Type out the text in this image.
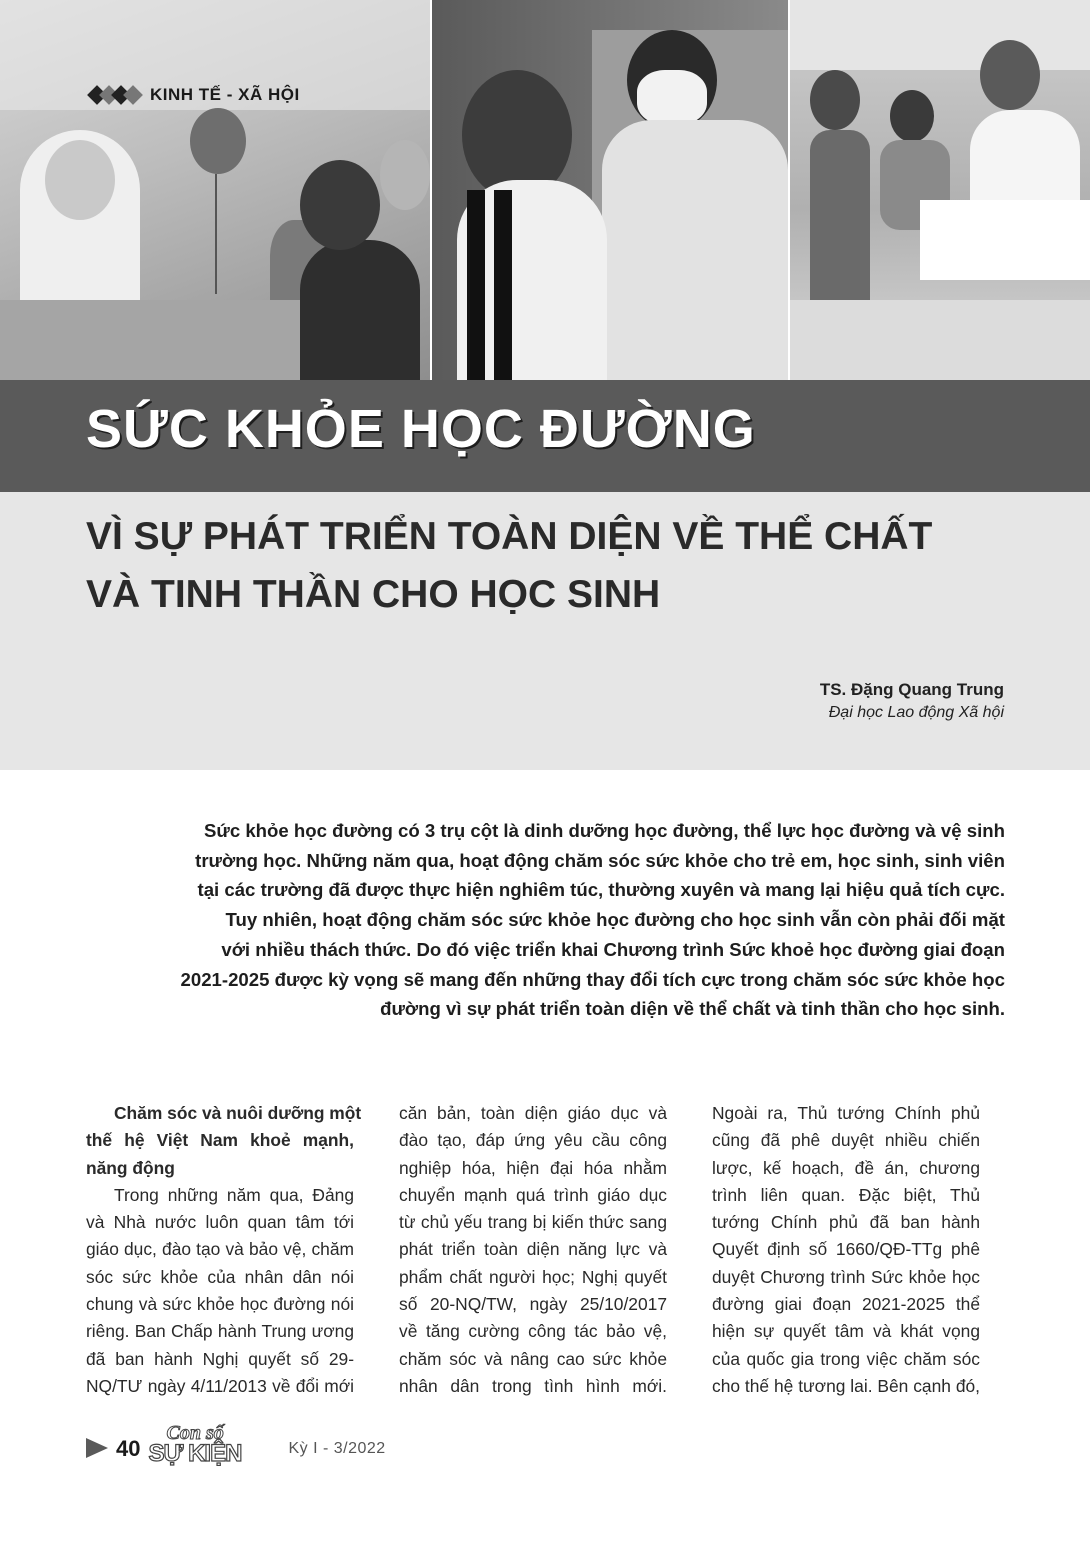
KINH TẾ - XÃ HỘI
SỨC KHỎE HỌC ĐƯỜNG
VÌ SỰ PHÁT TRIỂN TOÀN DIỆN VỀ THỂ CHẤT
VÀ TINH THẦN CHO HỌC SINH
TS. Đặng Quang Trung
Đại học Lao động Xã hội

Sức khỏe học đường có 3 trụ cột là dinh dưỡng học đường, thể lực học đường và vệ sinh
trường học. Những năm qua, hoạt động chăm sóc sức khỏe cho trẻ em, học sinh, sinh viên
tại các trường đã được thực hiện nghiêm túc, thường xuyên và mang lại hiệu quả tích cực.
Tuy nhiên, hoạt động chăm sóc sức khỏe học đường cho học sinh vẫn còn phải đối mặt
với nhiều thách thức. Do đó việc triển khai Chương trình Sức khoẻ học đường giai đoạn
2021-2025 được kỳ vọng sẽ mang đến những thay đổi tích cực trong chăm sóc sức khỏe học
đường vì sự phát triển toàn diện về thể chất và tinh thần cho học sinh.

Chăm sóc và nuôi dưỡng một
thế hệ Việt Nam khoẻ mạnh,
năng động
Trong những năm qua, Đảng
và Nhà nước luôn quan tâm tới
giáo dục, đào tạo và bảo vệ, chăm
sóc sức khỏe của nhân dân nói
chung và sức khỏe học đường nói
riêng. Ban Chấp hành Trung ương
đã ban hành Nghị quyết số 29-
NQ/TƯ ngày 4/11/2013 về đổi mới
căn bản, toàn diện giáo dục và
đào tạo, đáp ứng yêu cầu công
nghiệp hóa, hiện đại hóa nhằm
chuyển mạnh quá trình giáo dục
từ chủ yếu trang bị kiến thức sang
phát triển toàn diện năng lực và
phẩm chất người học; Nghị quyết
số 20-NQ/TW, ngày 25/10/2017
về tăng cường công tác bảo vệ,
chăm sóc và nâng cao sức khỏe
nhân dân trong tình hình mới.
Ngoài ra, Thủ tướng Chính phủ
cũng đã phê duyệt nhiều chiến
lược, kế hoạch, đề án, chương
trình liên quan. Đặc biệt, Thủ
tướng Chính phủ đã ban hành
Quyết định số 1660/QĐ-TTg phê
duyệt Chương trình Sức khỏe học
đường giai đoạn 2021-2025 thể
hiện sự quyết tâm và khát vọng
của quốc gia trong việc chăm sóc
cho thế hệ tương lai. Bên cạnh đó,
40
Con số
SỰ KIỆN	Kỳ I - 3/2022
